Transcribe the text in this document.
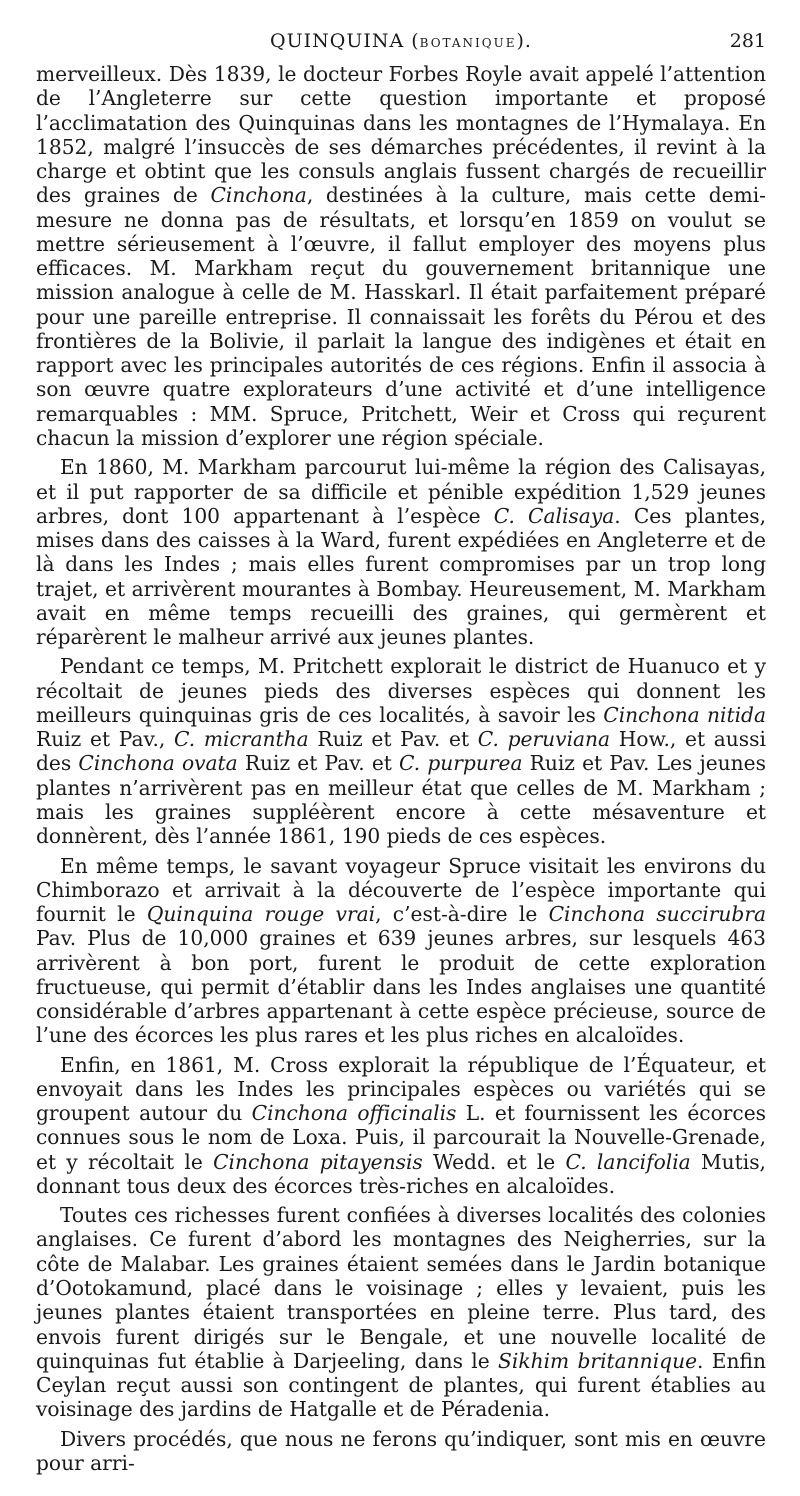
QUINQUINA (BOTANIQUE).	281

merveilleux. Dès 1839, le docteur Forbes Royle avait appelé l’attention de l’Angleterre sur cette question importante et proposé l’acclimatation des Quinquinas dans les montagnes de l’Hymalaya. En 1852, malgré l’insuccès de ses démarches précédentes, il revint à la charge et obtint que les consuls anglais fussent chargés de recueillir des graines de Cinchona, destinées à la culture, mais cette demi-mesure ne donna pas de résultats, et lorsqu’en 1859 on voulut se mettre sérieusement à l’œuvre, il fallut employer des moyens plus efficaces. M. Markham reçut du gouvernement britannique une mission analogue à celle de M. Hasskarl. Il était parfaitement préparé pour une pareille entreprise. Il connaissait les forêts du Pérou et des frontières de la Bolivie, il parlait la langue des indigènes et était en rapport avec les principales autorités de ces régions. Enfin il associa à son œuvre quatre explorateurs d’une activité et d’une intelligence remarquables : MM. Spruce, Pritchett, Weir et Cross qui reçurent chacun la mission d’explorer une région spéciale.

En 1860, M. Markham parcourut lui-même la région des Calisayas, et il put rapporter de sa difficile et pénible expédition 1,529 jeunes arbres, dont 100 appartenant à l’espèce C. Calisaya. Ces plantes, mises dans des caisses à la Ward, furent expédiées en Angleterre et de là dans les Indes ; mais elles furent compromises par un trop long trajet, et arrivèrent mourantes à Bombay. Heureusement, M. Markham avait en même temps recueilli des graines, qui germèrent et réparèrent le malheur arrivé aux jeunes plantes.

Pendant ce temps, M. Pritchett explorait le district de Huanuco et y récoltait de jeunes pieds des diverses espèces qui donnent les meilleurs quinquinas gris de ces localités, à savoir les Cinchona nitida Ruiz et Pav., C. micrantha Ruiz et Pav. et C. peruviana How., et aussi des Cinchona ovata Ruiz et Pav. et C. purpurea Ruiz et Pav. Les jeunes plantes n’arrivèrent pas en meilleur état que celles de M. Markham ; mais les graines suppléèrent encore à cette mésaventure et donnèrent, dès l’année 1861, 190 pieds de ces espèces.

En même temps, le savant voyageur Spruce visitait les environs du Chimborazo et arrivait à la découverte de l’espèce importante qui fournit le Quinquina rouge vrai, c’est-à-dire le Cinchona succirubra Pav. Plus de 10,000 graines et 639 jeunes arbres, sur lesquels 463 arrivèrent à bon port, furent le produit de cette exploration fructueuse, qui permit d’établir dans les Indes anglaises une quantité considérable d’arbres appartenant à cette espèce précieuse, source de l’une des écorces les plus rares et les plus riches en alcaloïdes.

Enfin, en 1861, M. Cross explorait la république de l’Équateur, et envoyait dans les Indes les principales espèces ou variétés qui se groupent autour du Cinchona officinalis L. et fournissent les écorces connues sous le nom de Loxa. Puis, il parcourait la Nouvelle-Grenade, et y récoltait le Cinchona pitayensis Wedd. et le C. lancifolia Mutis, donnant tous deux des écorces très-riches en alcaloïdes.

Toutes ces richesses furent confiées à diverses localités des colonies anglaises. Ce furent d’abord les montagnes des Neigherries, sur la côte de Malabar. Les graines étaient semées dans le Jardin botanique d’Ootokamund, placé dans le voisinage ; elles y levaient, puis les jeunes plantes étaient transportées en pleine terre. Plus tard, des envois furent dirigés sur le Bengale, et une nouvelle localité de quinquinas fut établie à Darjeeling, dans le Sikhim britannique. Enfin Ceylan reçut aussi son contingent de plantes, qui furent établies au voisinage des jardins de Hatgalle et de Péradenia.

Divers procédés, que nous ne ferons qu’indiquer, sont mis en œuvre pour arri-
